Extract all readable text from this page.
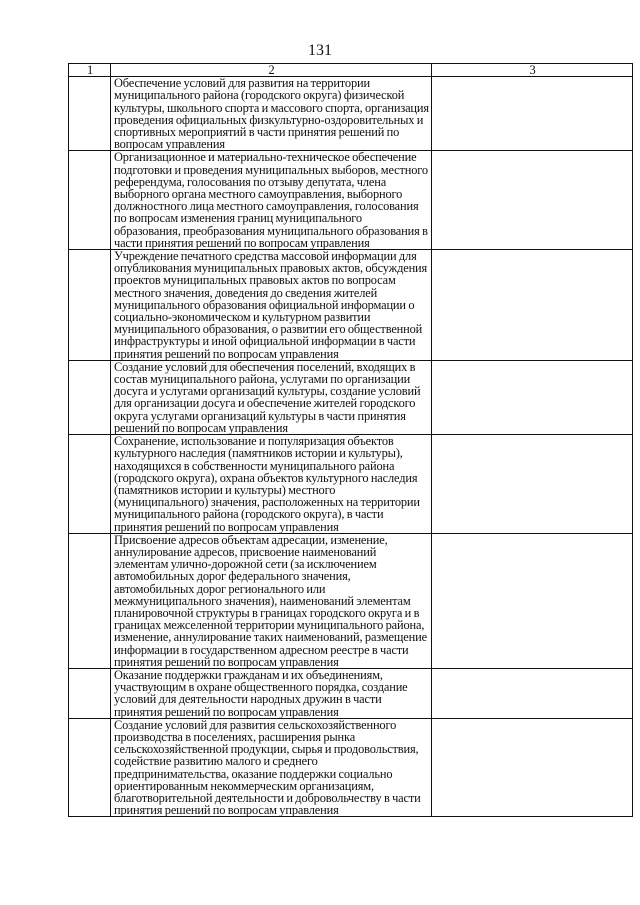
131
1	2	3
	Обеспечение условий для развития на территории муниципального района (городского округа) физической культуры, школьного спорта и массового спорта, организация проведения официальных физкультурно-оздоровительных и спортивных мероприятий в части принятия решений по вопросам управления	
	Организационное и материально-техническое обеспечение подготовки и проведения муниципальных выборов, местного референдума, голосования по отзыву депутата, члена выборного органа местного самоуправления, выборного должностного лица местного самоуправления, голосования по вопросам изменения границ муниципального образования, преобразования муниципального образования в части принятия решений по вопросам управления	
	Учреждение печатного средства массовой информации для опубликования муниципальных правовых актов, обсуждения проектов муниципальных правовых актов по вопросам местного значения, доведения до сведения жителей муниципального образования официальной информации о социально-экономическом и культурном развитии муниципального образования, о развитии его общественной инфраструктуры и иной официальной информации в части принятия решений по вопросам управления	
	Создание условий для обеспечения поселений, входящих в состав муниципального района, услугами по организации досуга и услугами организаций культуры, создание условий для организации досуга и обеспечение жителей городского округа услугами организаций культуры в части принятия решений по вопросам управления	
	Сохранение, использование и популяризация объектов культурного наследия (памятников истории и культуры), находящихся в собственности муниципального района (городского округа), охрана объектов культурного наследия (памятников истории и культуры) местного (муниципального) значения, расположенных на территории муниципального района (городского округа), в части принятия решений по вопросам управления	
	Присвоение адресов объектам адресации, изменение, аннулирование адресов, присвоение наименований элементам улично-дорожной сети (за исключением автомобильных дорог федерального значения, автомобильных дорог регионального или межмуниципального значения), наименований элементам планировочной структуры в границах городского округа и в границах межселенной территории муниципального района, изменение, аннулирование таких наименований, размещение информации в государственном адресном реестре в части принятия решений по вопросам управления	
	Оказание поддержки гражданам и их объединениям, участвующим в охране общественного порядка, создание условий для деятельности народных дружин в части принятия решений по вопросам управления	
	Создание условий для развития сельскохозяйственного производства в поселениях, расширения рынка сельскохозяйственной продукции, сырья и продовольствия, содействие развитию малого и среднего предпринимательства, оказание поддержки социально ориентированным некоммерческим организациям, благотворительной деятельности и добровольчеству в части принятия решений по вопросам управления	
